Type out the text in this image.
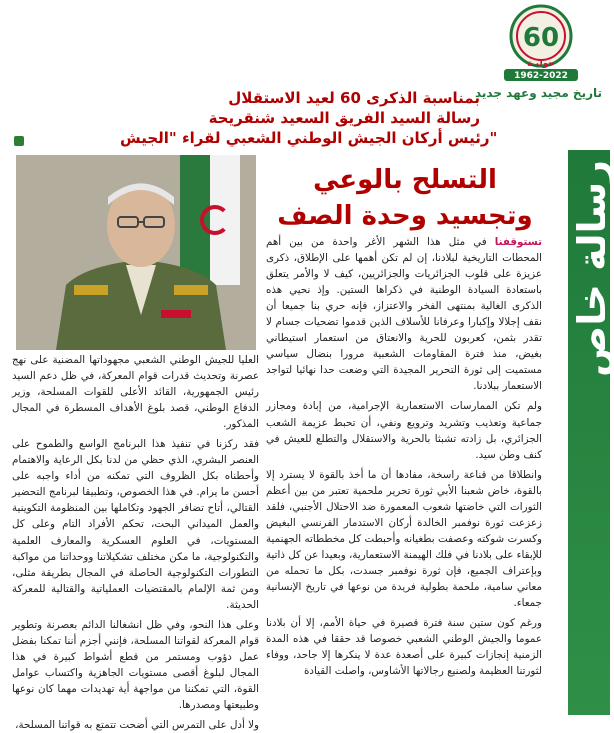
رسالة خاص
60
حوليـة
1962-2022
تاريخ مجيد وعهد جديد
بمناسبة الذكرى 60 لعيد الاستقلال
رسالة السيد الفريق السعيد شنقريحة
رئيس أركان الجيش الوطني الشعبي لقراء "الجيش"
التسلح بالوعي
وتجسيد وحدة الصف

تستوقفنا في مثل هذا الشهر الأغر واحدة من بين أهم المحطات التاريخية لبلادنا، إن لم تكن أهمها على الإطلاق، ذكرى عزيزة على قلوب الجزائريات والجزائريين، كيف لا والأمر يتعلق باستعادة السيادة الوطنية في ذكراها الستين. وإذ نحيي هذه الذكرى الغالية بمنتهى الفخر والاعتزاز، فإنه حري بنا جميعا أن نقف إجلالا وإكبارا وعرفانا للأسلاف الذين قدموا تضحيات جسام لا تقدر بثمن، كعربون للحرية والانعتاق من استعمار استيطاني بغيض، منذ فترة المقاومات الشعبية مرورا بنضال سياسي مستميت إلى ثورة التحرير المجيدة التي وضعت حدا نهائيا لتواجد الاستعمار ببلادنا.

ولم تكن الممارسات الاستعمارية الإجرامية، من إبادة ومجازر جماعية وتعذيب وتشريد وترويع ونفي، أن تحبط عزيمة الشعب الجزائري، بل زادته تشبثا بالحرية والاستقلال والتطلع للعيش في كنف وطن سيد.

وانطلاقا من قناعة راسخة، مفادها أن ما أخذ بالقوة لا يسترد إلا بالقوة، خاض شعبنا الأبي ثورة تحرير ملحمية تعتبر من بين أعظم الثورات التي خاضتها شعوب المعمورة ضد الاحتلال الأجنبي، فلقد زعزعت ثورة نوفمبر الخالدة أركان الاستدمار الفرنسي البغيض وكسرت شوكته وعصفت بطغيانه وأحبطت كل مخططاته الجهنمية للإبقاء على بلادنا في فلك الهيمنة الاستعمارية، وبعيدا عن كل ذاتية وبإعتراف الجميع، فإن ثورة نوفمبر جسدت، بكل ما تحمله من معاني سامية، ملحمة بطولية فريدة من نوعها في تاريخ الإنسانية جمعاء.

ورغم كون ستين سنة فترة قصيرة في حياة الأمم، إلا أن بلادنا عموما والجيش الوطني الشعبي خصوصا قد حققا في هذه المدة الزمنية إنجازات كبيرة على أصعدة عدة لا ينكرها إلا جاحد، ووفاء لثورتنا العظيمة ولصنيع رجالاتها الأشاوس، واصلت القيادة

العليا للجيش الوطني الشعبي مجهوداتها المضنية على نهج عصرنة وتحديث قدرات قوام المعركة، في ظل دعم السيد رئيس الجمهورية، القائد الأعلى للقوات المسلحة، وزير الدفاع الوطني، قصد بلوغ الأهداف المسطرة في المجال المذكور.

فقد ركزنا في تنفيذ هذا البرنامج الواسع والطموح على العنصر البشري، الذي حظي من لدنا بكل الرعاية والاهتمام وأحطناه بكل الظروف التي تمكنه من أداء واجبه على أحسن ما يرام. في هذا الخصوص، وتطبيقا لبرنامج التحضير القتالي، أتاح تضافر الجهود وتكاملها بين المنظومة التكوينية والعمل الميداني البحت، تحكم الأفراد التام وعلى كل المستويات، في العلوم العسكرية والمعارف العلمية والتكنولوجية، ما مكن مختلف تشكيلاتنا ووحداتنا من مواكبة التطورات التكنولوجية الحاصلة في المجال بطريقة مثلى، ومن ثمة الإلمام بالمقتضيات العملياتية والقتالية للمعركة الحديثة.

وعلى هذا النحو، وفي ظل انشغالنا الدائم بعصرنة وتطوير قوام المعركة لقواتنا المسلحة، فإنني أجزم أننا تمكنا بفضل عمل دؤوب ومستمر من قطع أشواط كبيرة في هذا المجال لبلوغ أقصى مستويات الجاهزية واكتساب عوامل القوة، التي تمكننا من مواجهة أية تهديدات مهما كان نوعها وطبيعتها ومصدرها.

ولا أدل على التمرس التي أضحت تتمتع به قواتنا المسلحة،
